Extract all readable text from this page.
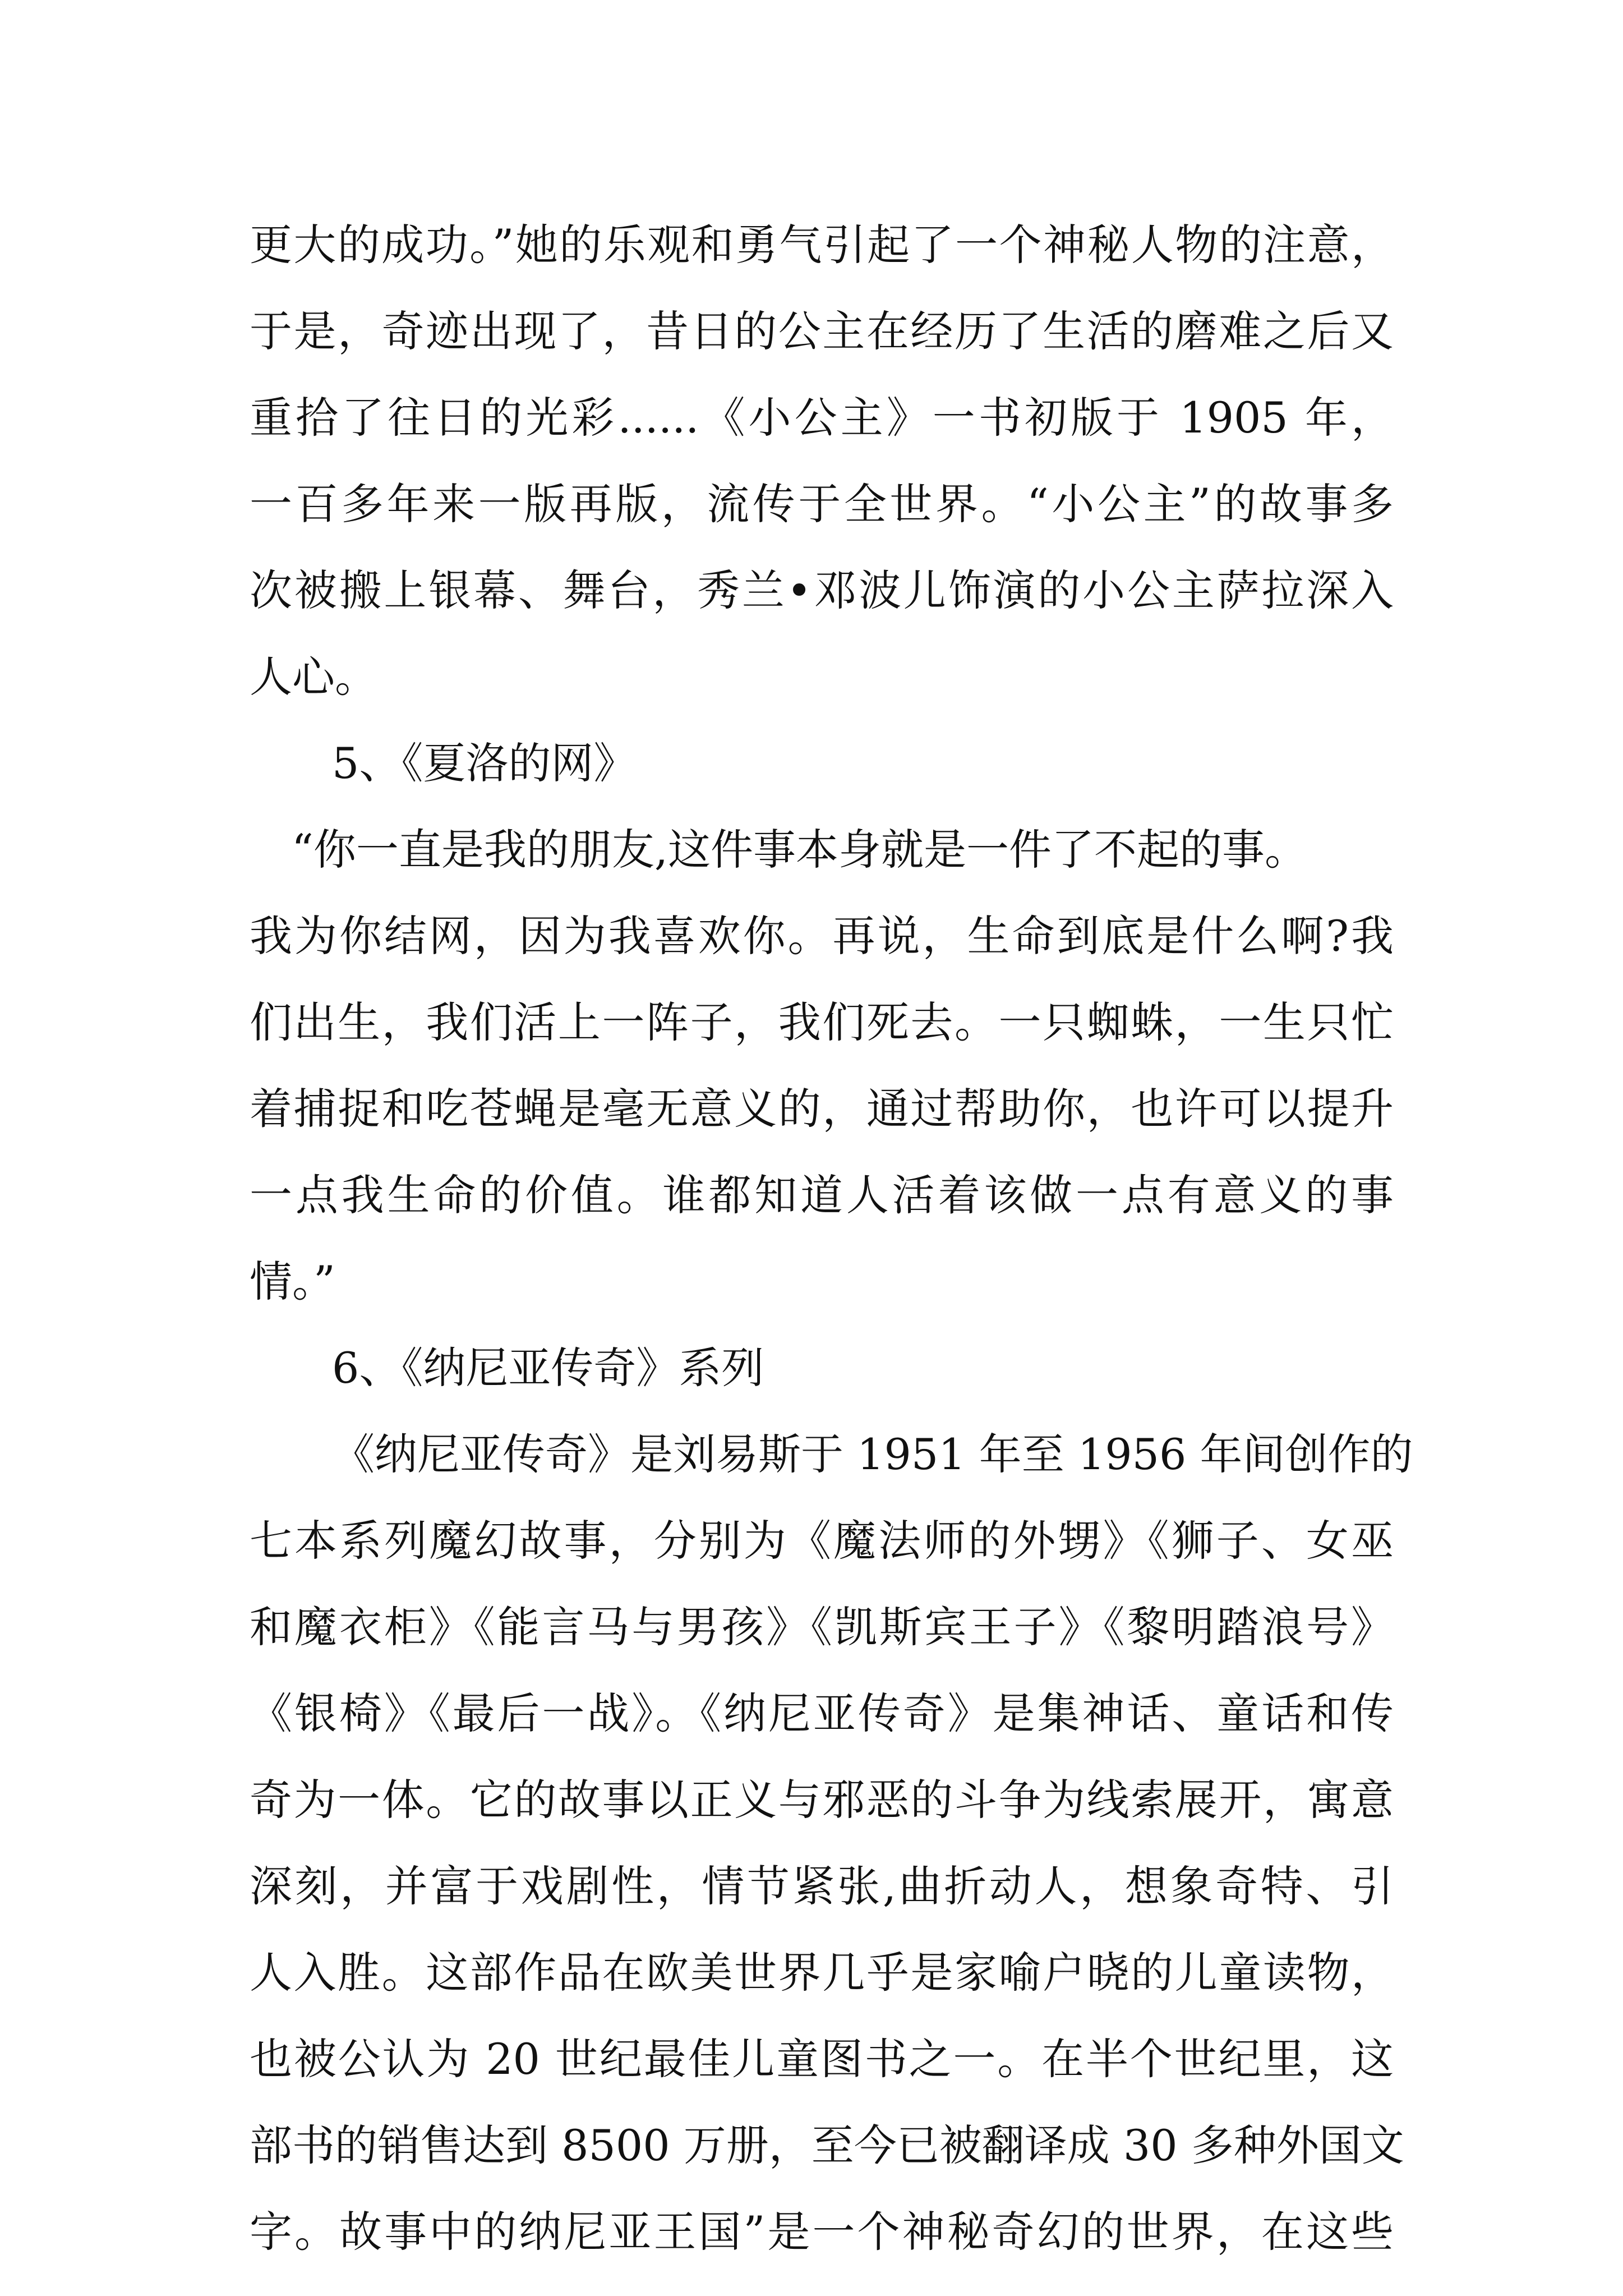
更大的成功。”她的乐观和勇气引起了一个神秘人物的注意，
于是，奇迹出现了，昔日的公主在经历了生活的磨难之后又
重拾了往日的光彩......《小公主》一书初版于 1905 年，
一百多年来一版再版，流传于全世界。“小公主”的故事多
次被搬上银幕、舞台，秀兰•邓波儿饰演的小公主萨拉深入
人心。
5、《夏洛的网》
“你一直是我的朋友,这件事本身就是一件了不起的事。
我为你结网，因为我喜欢你。再说，生命到底是什么啊?我
们出生，我们活上一阵子，我们死去。一只蜘蛛，一生只忙
着捕捉和吃苍蝇是毫无意义的，通过帮助你，也许可以提升
一点我生命的价值。谁都知道人活着该做一点有意义的事
情。”
6、《纳尼亚传奇》系列
《纳尼亚传奇》是刘易斯于 1951 年至 1956 年间创作的
七本系列魔幻故事，分别为《魔法师的外甥》《狮子、女巫
和魔衣柜》《能言马与男孩》《凯斯宾王子》《黎明踏浪号》
《银椅》《最后一战》。《纳尼亚传奇》是集神话、童话和传
奇为一体。它的故事以正义与邪恶的斗争为线索展开，寓意
深刻，并富于戏剧性，情节紧张,曲折动人，想象奇特、引
人入胜。这部作品在欧美世界几乎是家喻户晓的儿童读物，
也被公认为 20 世纪最佳儿童图书之一。在半个世纪里，这
部书的销售达到 8500 万册，至今已被翻译成 30 多种外国文
字。故事中的纳尼亚王国”是一个神秘奇幻的世界，在这些
